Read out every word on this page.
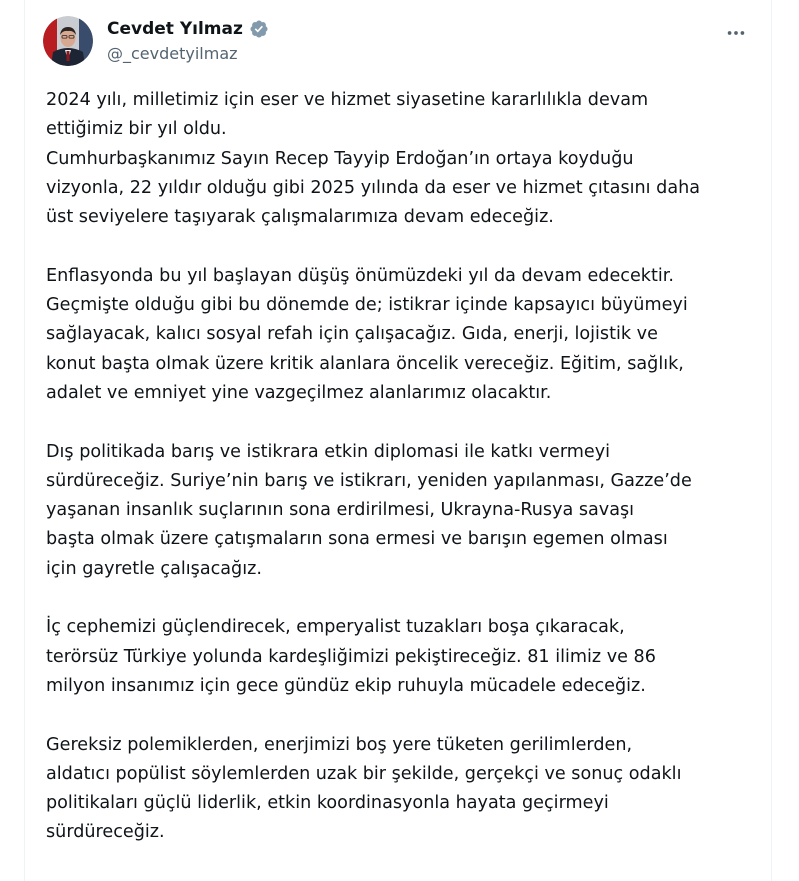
Cevdet Yılmaz
@_cevdetyilmaz

2024 yılı, milletimiz için eser ve hizmet siyasetine kararlılıkla devam
ettiğimiz bir yıl oldu.
Cumhurbaşkanımız Sayın Recep Tayyip Erdoğan’ın ortaya koyduğu
vizyonla, 22 yıldır olduğu gibi 2025 yılında da eser ve hizmet çıtasını daha
üst seviyelere taşıyarak çalışmalarımıza devam edeceğiz.

Enflasyonda bu yıl başlayan düşüş önümüzdeki yıl da devam edecektir.
Geçmişte olduğu gibi bu dönemde de; istikrar içinde kapsayıcı büyümeyi
sağlayacak, kalıcı sosyal refah için çalışacağız. Gıda, enerji, lojistik ve
konut başta olmak üzere kritik alanlara öncelik vereceğiz. Eğitim, sağlık,
adalet ve emniyet yine vazgeçilmez alanlarımız olacaktır.

Dış politikada barış ve istikrara etkin diplomasi ile katkı vermeyi
sürdüreceğiz. Suriye’nin barış ve istikrarı, yeniden yapılanması, Gazze’de
yaşanan insanlık suçlarının sona erdirilmesi, Ukrayna-Rusya savaşı
başta olmak üzere çatışmaların sona ermesi ve barışın egemen olması
için gayretle çalışacağız.

İç cephemizi güçlendirecek, emperyalist tuzakları boşa çıkaracak,
terörsüz Türkiye yolunda kardeşliğimizi pekiştireceğiz. 81 ilimiz ve 86
milyon insanımız için gece gündüz ekip ruhuyla mücadele edeceğiz.

Gereksiz polemiklerden, enerjimizi boş yere tüketen gerilimlerden,
aldatıcı popülist söylemlerden uzak bir şekilde, gerçekçi ve sonuç odaklı
politikaları güçlü liderlik, etkin koordinasyonla hayata geçirmeyi
sürdüreceğiz.
